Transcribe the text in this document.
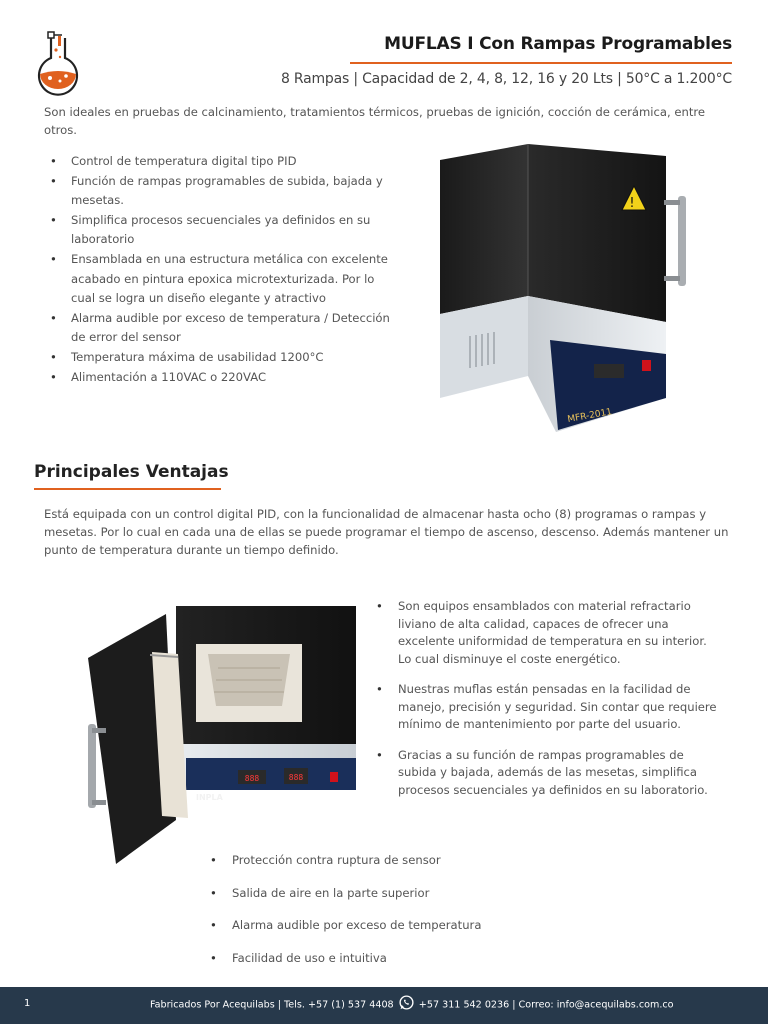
MUFLAS I Con Rampas Programables
8 Rampas | Capacidad de 2, 4, 8, 12, 16 y 20 Lts | 50°C a 1.200°C

Son ideales en pruebas de calcinamiento, tratamientos térmicos, pruebas de ignición, cocción de cerámica, entre otros.

• Control de temperatura digital tipo PID
• Función de rampas programables de subida, bajada y mesetas.
• Simplifica procesos secuenciales ya definidos en su laboratorio
• Ensamblada en una estructura metálica con excelente acabado en pintura epoxica microtexturizada. Por lo cual se logra un diseño elegante y atractivo
• Alarma audible por exceso de temperatura / Detección de error del sensor
• Temperatura máxima de usabilidad 1200°C
• Alimentación a 110VAC o 220VAC
!
MFR-2011
Principales Ventajas

Está equipada con un control digital PID, con la funcionalidad de almacenar hasta ocho (8) programas o rampas y mesetas. Por lo cual en cada una de ellas se puede programar el tiempo de ascenso, descenso. Además mantener un punto de temperatura durante un tiempo definido.

888	888
INPLA
• Son equipos ensamblados con material refractario liviano de alta calidad, capaces de ofrecer una excelente uniformidad de temperatura en su interior. Lo cual disminuye el coste energético.
• Nuestras muflas están pensadas en la facilidad de manejo, precisión y seguridad. Sin contar que requiere mínimo de mantenimiento por parte del usuario.
• Gracias a su función de rampas programables de subida y bajada, además de las mesetas, simplifica procesos secuenciales ya definidos en su laboratorio.
• Protección contra ruptura de sensor
• Salida de aire en la parte superior
• Alarma audible por exceso de temperatura
• Facilidad de uso e intuitiva
1	Fabricados Por Acequilabs | Tels. +57 (1) 537 4408	+57 311 542 0236 | Correo: info@acequilabs.com.co
